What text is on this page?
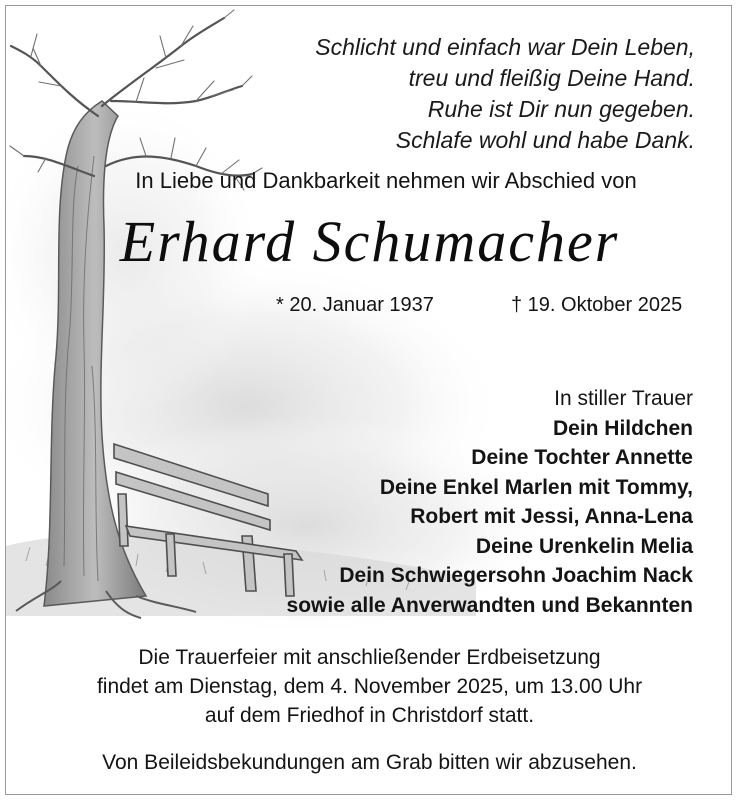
Schlicht und einfach war Dein Leben,
treu und fleißig Deine Hand.
Ruhe ist Dir nun gegeben.
Schlafe wohl und habe Dank.
In Liebe und Dankbarkeit nehmen wir Abschied von
Erhard Schumacher
* 20. Januar 1937	† 19. Oktober 2025
In stiller Trauer
Dein Hildchen
Deine Tochter Annette
Deine Enkel Marlen mit Tommy,
Robert mit Jessi, Anna-Lena
Deine Urenkelin Melia
Dein Schwiegersohn Joachim Nack
sowie alle Anverwandten und Bekannten
Die Trauerfeier mit anschließender Erdbeisetzung
findet am Dienstag, dem 4. November 2025, um 13.00 Uhr
auf dem Friedhof in Christdorf statt.
Von Beileidsbekundungen am Grab bitten wir abzusehen.
